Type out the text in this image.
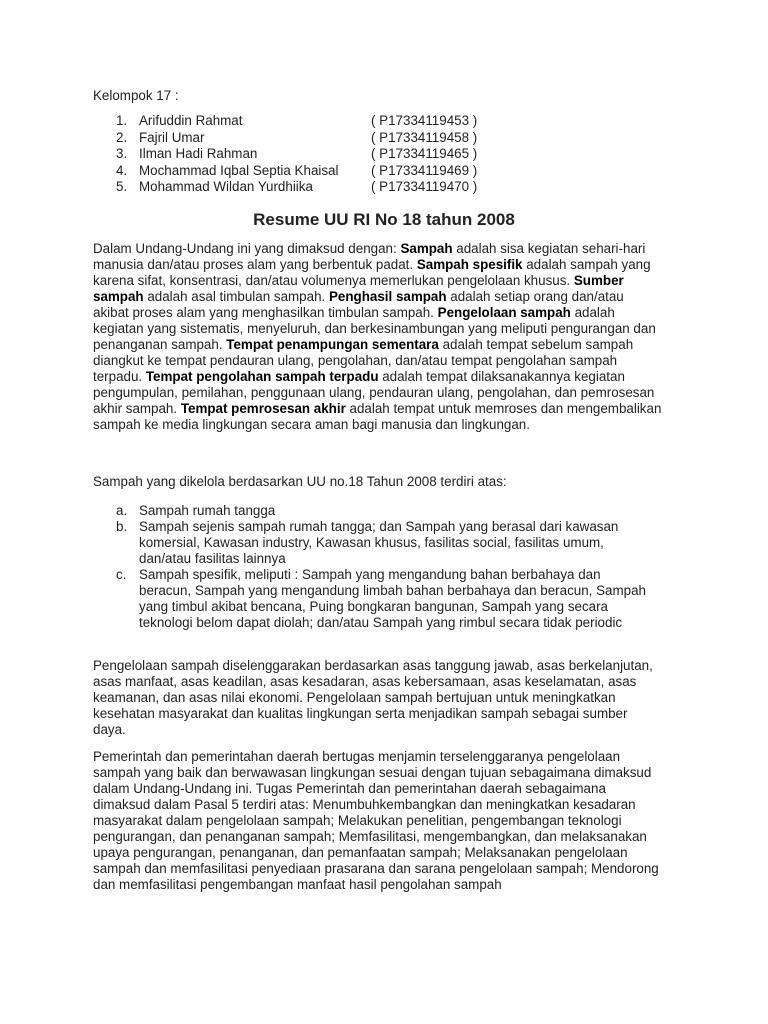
Kelompok 17 :
1. Arifuddin Rahmat	( P17334119453 )
2. Fajril Umar	( P17334119458 )
3. Ilman Hadi Rahman	( P17334119465 )
4. Mochammad Iqbal Septia Khaisal	( P17334119469 )
5. Mohammad Wildan Yurdhiika	( P17334119470 )
Resume UU RI No 18 tahun 2008
Dalam Undang-Undang ini yang dimaksud dengan: Sampah adalah sisa kegiatan sehari-hari manusia dan/atau proses alam yang berbentuk padat. Sampah spesifik adalah sampah yang karena sifat, konsentrasi, dan/atau volumenya memerlukan pengelolaan khusus. Sumber sampah adalah asal timbulan sampah. Penghasil sampah adalah setiap orang dan/atau akibat proses alam yang menghasilkan timbulan sampah. Pengelolaan sampah adalah kegiatan yang sistematis, menyeluruh, dan berkesinambungan yang meliputi pengurangan dan penanganan sampah. Tempat penampungan sementara adalah tempat sebelum sampah diangkut ke tempat pendauran ulang, pengolahan, dan/atau tempat pengolahan sampah terpadu. Tempat pengolahan sampah terpadu adalah tempat dilaksanakannya kegiatan pengumpulan, pemilahan, penggunaan ulang, pendauran ulang, pengolahan, dan pemrosesan akhir sampah. Tempat pemrosesan akhir adalah tempat untuk memroses dan mengembalikan sampah ke media lingkungan secara aman bagi manusia dan lingkungan.
Sampah yang dikelola berdasarkan UU no.18 Tahun 2008 terdiri atas:
a. Sampah rumah tangga
b. Sampah sejenis sampah rumah tangga; dan Sampah yang berasal dari kawasan komersial, Kawasan industry, Kawasan khusus, fasilitas social, fasilitas umum, dan/atau fasilitas lainnya
c. Sampah spesifik, meliputi : Sampah yang mengandung bahan berbahaya dan beracun, Sampah yang mengandung limbah bahan berbahaya dan beracun, Sampah yang timbul akibat bencana, Puing bongkaran bangunan, Sampah yang secara teknologi belom dapat diolah; dan/atau Sampah yang rimbul secara tidak periodic
Pengelolaan sampah diselenggarakan berdasarkan asas tanggung jawab, asas berkelanjutan, asas manfaat, asas keadilan, asas kesadaran, asas kebersamaan, asas keselamatan, asas keamanan, dan asas nilai ekonomi. Pengelolaan sampah bertujuan untuk meningkatkan kesehatan masyarakat dan kualitas lingkungan serta menjadikan sampah sebagai sumber daya.
Pemerintah dan pemerintahan daerah bertugas menjamin terselenggaranya pengelolaan sampah yang baik dan berwawasan lingkungan sesuai dengan tujuan sebagaimana dimaksud dalam Undang-Undang ini. Tugas Pemerintah dan pemerintahan daerah sebagaimana dimaksud dalam Pasal 5 terdiri atas: Menumbuhkembangkan dan meningkatkan kesadaran masyarakat dalam pengelolaan sampah; Melakukan penelitian, pengembangan teknologi pengurangan, dan penanganan sampah; Memfasilitasi, mengembangkan, dan melaksanakan upaya pengurangan, penanganan, dan pemanfaatan sampah; Melaksanakan pengelolaan sampah dan memfasilitasi penyediaan prasarana dan sarana pengelolaan sampah; Mendorong dan memfasilitasi pengembangan manfaat hasil pengolahan sampah
